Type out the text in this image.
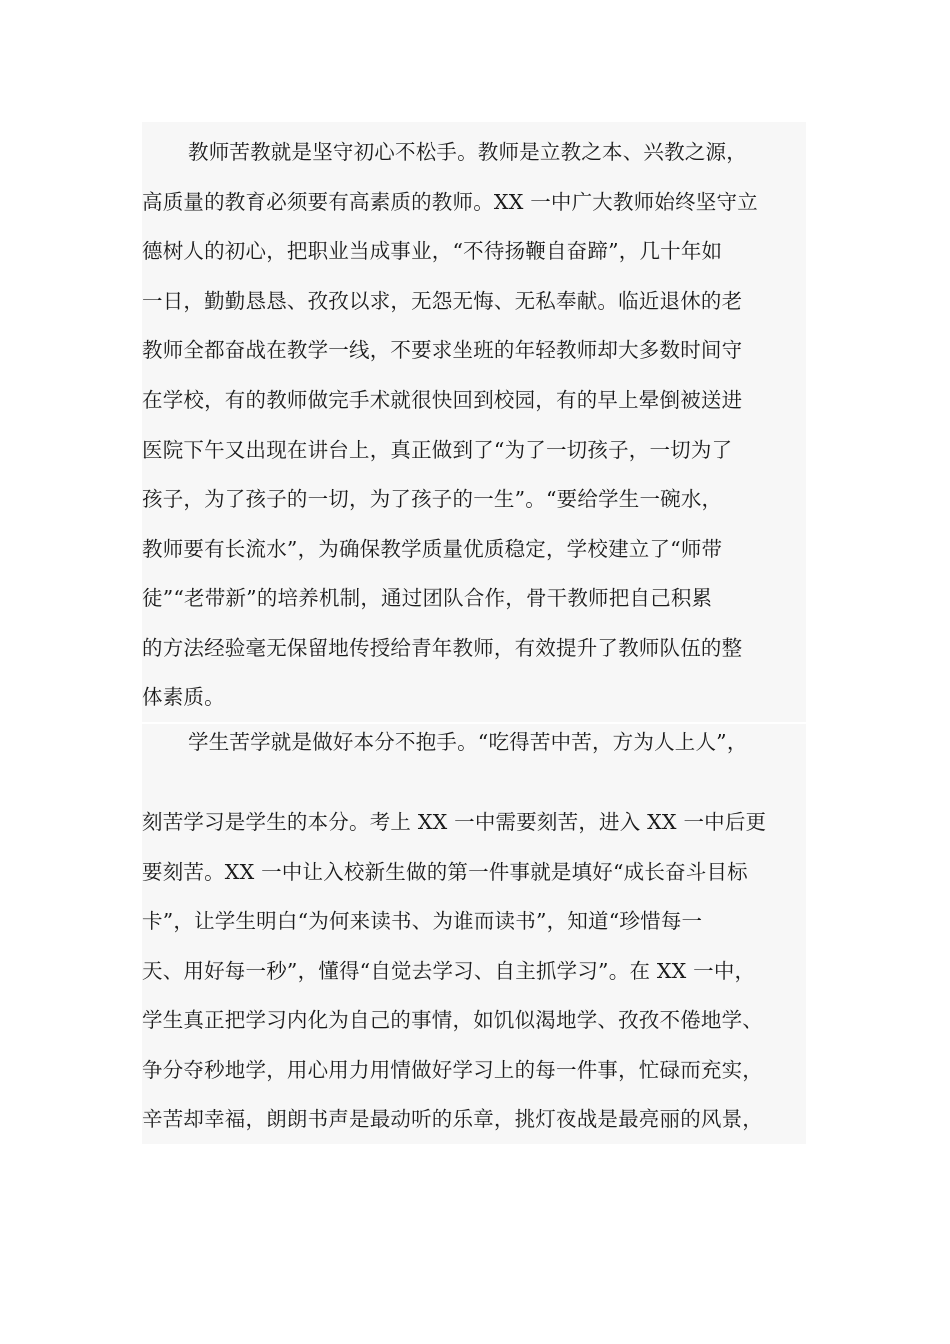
教师苦教就是坚守初心不松手。教师是立教之本、兴教之源，
高质量的教育必须要有高素质的教师。XX 一中广大教师始终坚守立
德树人的初心，把职业当成事业，“不待扬鞭自奋蹄”，几十年如
一日，勤勤恳恳、孜孜以求，无怨无悔、无私奉献。临近退休的老
教师全都奋战在教学一线，不要求坐班的年轻教师却大多数时间守
在学校，有的教师做完手术就很快回到校园，有的早上晕倒被送进
医院下午又出现在讲台上，真正做到了“为了一切孩子，一切为了
孩子，为了孩子的一切，为了孩子的一生”。“要给学生一碗水，
教师要有长流水”，为确保教学质量优质稳定，学校建立了“师带
徒”“老带新”的培养机制，通过团队合作，骨干教师把自己积累
的方法经验毫无保留地传授给青年教师，有效提升了教师队伍的整
体素质。
学生苦学就是做好本分不抱手。“吃得苦中苦，方为人上人”，
刻苦学习是学生的本分。考上 XX 一中需要刻苦，进入 XX 一中后更
要刻苦。XX 一中让入校新生做的第一件事就是填好“成长奋斗目标
卡”，让学生明白“为何来读书、为谁而读书”，知道“珍惜每一
天、用好每一秒”，懂得“自觉去学习、自主抓学习”。在 XX 一中，
学生真正把学习内化为自己的事情，如饥似渴地学、孜孜不倦地学、
争分夺秒地学，用心用力用情做好学习上的每一件事，忙碌而充实，
辛苦却幸福，朗朗书声是最动听的乐章，挑灯夜战是最亮丽的风景，
